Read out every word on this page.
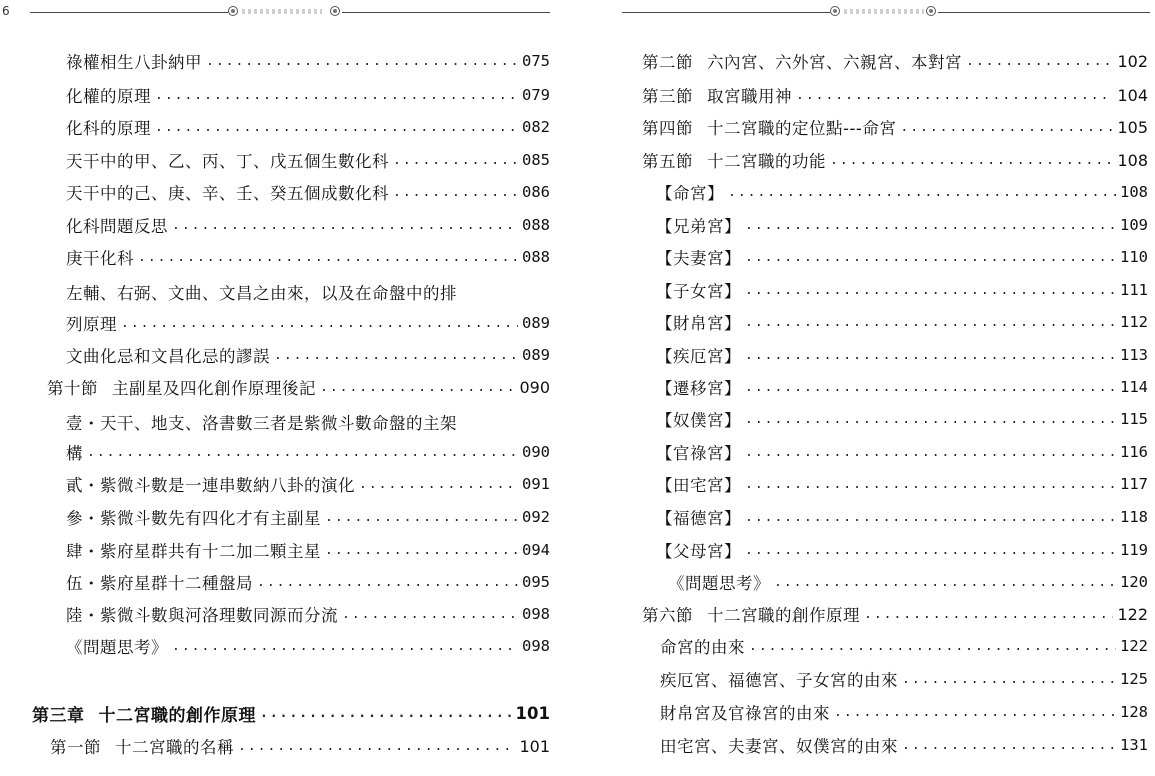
6
祿權相生八卦納甲 .....	075
化權的原理 .....	079
化科的原理 .....	082
天干中的甲、乙、丙、丁、戊五個生數化科 .....	085
天干中的己、庚、辛、壬、癸五個成數化科 .....	086
化科問題反思 .....	088
庚干化科 .....	088
左輔、右弼、文曲、文昌之由來，以及在命盤中的排
列原理 .....	089
文曲化忌和文昌化忌的謬誤 .....	089
第十節 主副星及四化創作原理後記 .....	090
壹・天干、地支、洛書數三者是紫微斗數命盤的主架
構 .....	090
貳・紫微斗數是一連串數納八卦的演化 .....	091
參・紫微斗數先有四化才有主副星 .....	092
肆・紫府星群共有十二加二顆主星 .....	094
伍・紫府星群十二種盤局 .....	095
陸・紫微斗數與河洛理數同源而分流 .....	098
《問題思考》 .....	098
第三章 十二宮職的創作原理 .....	101
第一節 十二宮職的名稱 .....	101
第二節 六內宮、六外宮、六親宮、本對宮 .....	102
第三節 取宮職用神 .....	104
第四節 十二宮職的定位點---命宮 .....	105
第五節 十二宮職的功能 .....	108
【命宮】 .....	108
【兄弟宮】 .....	109
【夫妻宮】 .....	110
【子女宮】 .....	111
【財帛宮】 .....	112
【疾厄宮】 .....	113
【遷移宮】 .....	114
【奴僕宮】 .....	115
【官祿宮】 .....	116
【田宅宮】 .....	117
【福德宮】 .....	118
【父母宮】 .....	119
《問題思考》 .....	120
第六節 十二宮職的創作原理 .....	122
命宮的由來 .....	122
疾厄宮、福德宮、子女宮的由來 .....	125
財帛宮及官祿宮的由來 .....	128
田宅宮、夫妻宮、奴僕宮的由來 .....	131
